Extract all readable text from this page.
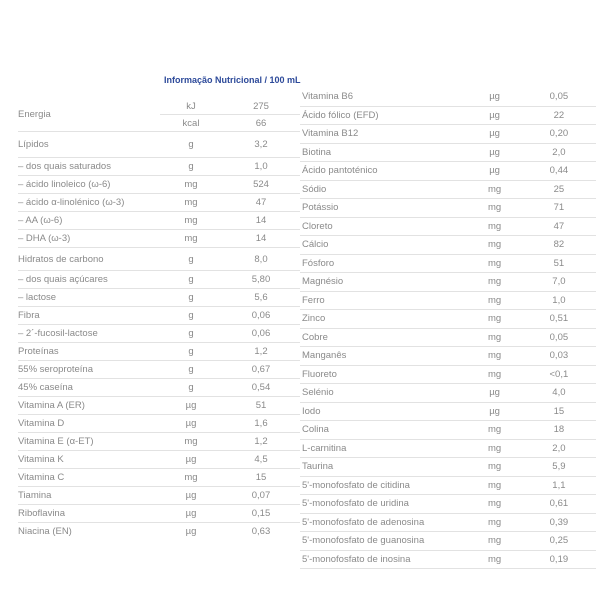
Informação Nutricional / 100 mL
Energia	kJ	275
	kcal	66
Lípidos	g	3,2
– dos quais saturados	g	1,0
– ácido linoleico (ω-6)	mg	524
– ácido α-linolénico (ω-3)	mg	47
– AA (ω-6)	mg	14
– DHA (ω-3)	mg	14
Hidratos de carbono	g	8,0
– dos quais açúcares	g	5,80
– lactose	g	5,6
Fibra	g	0,06
– 2´-fucosil-lactose	g	0,06
Proteínas	g	1,2
55% seroproteína	g	0,67
45% caseína	g	0,54
Vitamina A (ER)	µg	51
Vitamina D	µg	1,6
Vitamina E (α-ET)	mg	1,2
Vitamina K	µg	4,5
Vitamina C	mg	15
Tiamina	µg	0,07
Riboflavina	µg	0,15
Niacina (EN)	µg	0,63
Vitamina B6	µg	0,05
Ácido fólico (EFD)	µg	22
Vitamina B12	µg	0,20
Biotina	µg	2,0
Ácido pantoténico	µg	0,44
Sódio	mg	25
Potássio	mg	71
Cloreto	mg	47
Cálcio	mg	82
Fósforo	mg	51
Magnésio	mg	7,0
Ferro	mg	1,0
Zinco	mg	0,51
Cobre	mg	0,05
Manganês	mg	0,03
Fluoreto	mg	<0,1
Selénio	µg	4,0
Iodo	µg	15
Colina	mg	18
L-carnitina	mg	2,0
Taurina	mg	5,9
5'-monofosfato de citidina	mg	1,1
5'-monofosfato de uridina	mg	0,61
5'-monofosfato de adenosina	mg	0,39
5'-monofosfato de guanosina	mg	0,25
5'-monofosfato de inosina	mg	0,19
